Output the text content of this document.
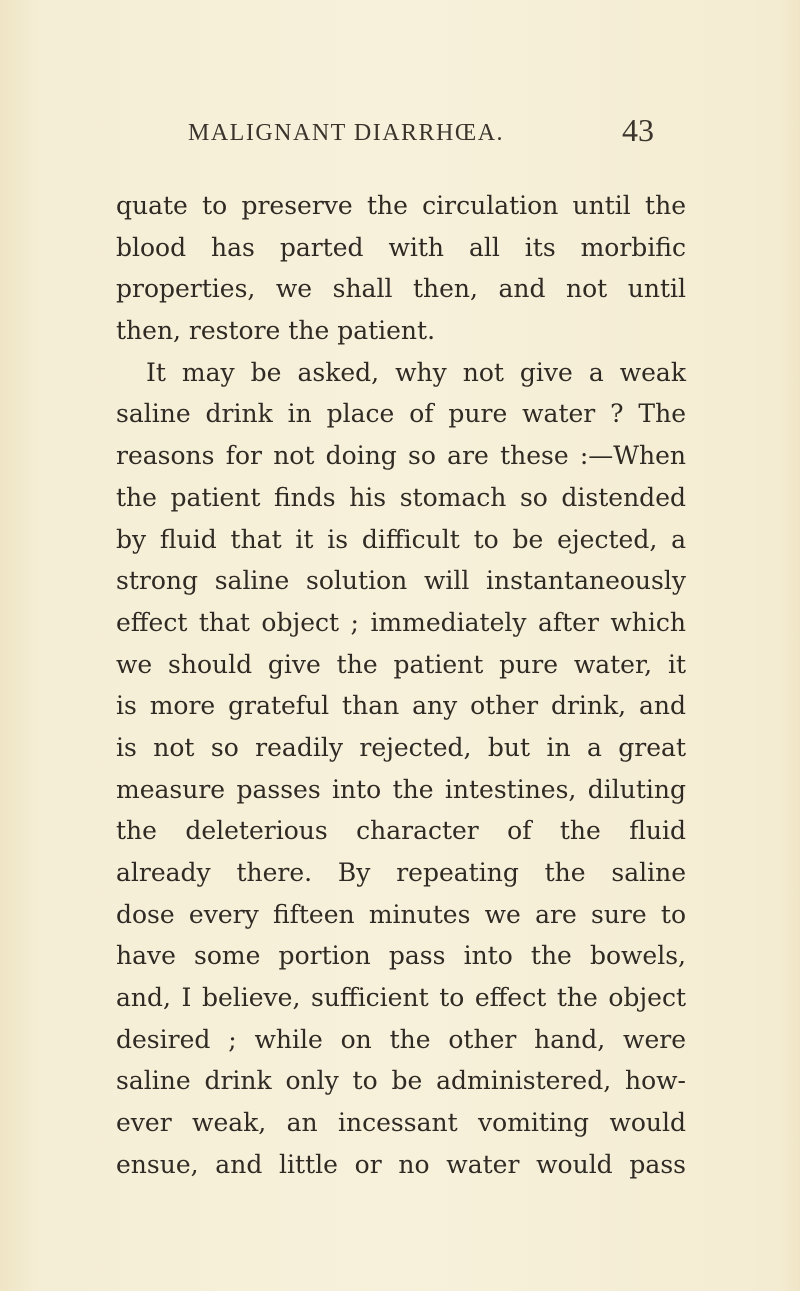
MALIGNANT DIARRHŒA.	43
quate to preserve the circulation until the
blood has parted with all its morbific
properties, we shall then, and not until
then, restore the patient.
It may be asked, why not give a weak
saline drink in place of pure water ? The
reasons for not doing so are these :—When
the patient finds his stomach so distended
by fluid that it is difficult to be ejected, a
strong saline solution will instantaneously
effect that object ; immediately after which
we should give the patient pure water, it
is more grateful than any other drink, and
is not so readily rejected, but in a great
measure passes into the intestines, diluting
the deleterious character of the fluid
already there. By repeating the saline
dose every fifteen minutes we are sure to
have some portion pass into the bowels,
and, I believe, sufficient to effect the object
desired ; while on the other hand, were
saline drink only to be administered, how-
ever weak, an incessant vomiting would
ensue, and little or no water would pass
